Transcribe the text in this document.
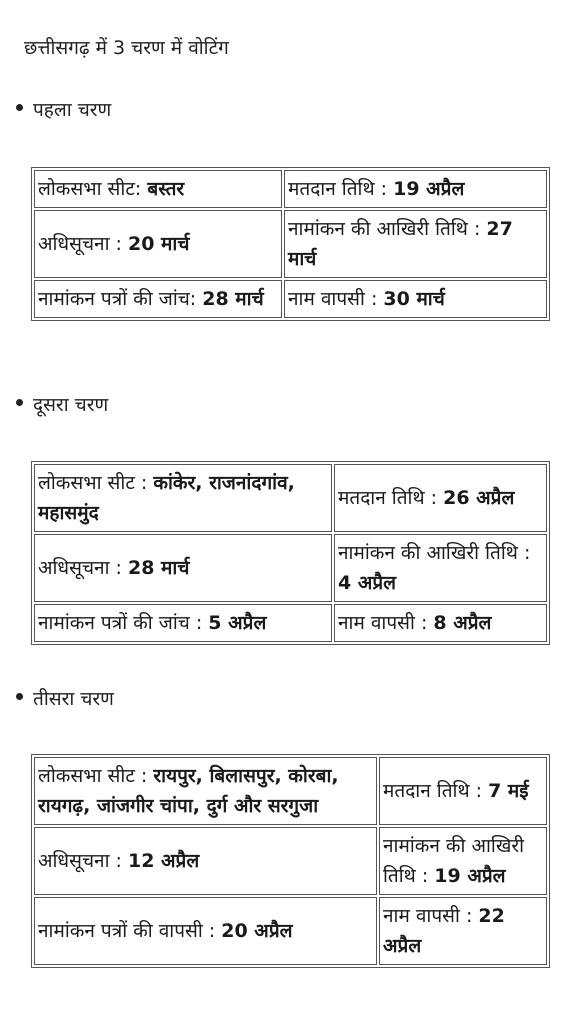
छत्तीसगढ़ में 3 चरण में वोटिंग
पहला चरण
लोकसभा सीट: बस्तर	मतदान तिथि : 19 अप्रैल
अधिसूचना : 20 मार्च	नामांकन की आखिरी तिथि : 27 मार्च
नामांकन पत्रों की जांच: 28 मार्च	नाम वापसी : 30 मार्च
दूसरा चरण
लोकसभा सीट : कांकेर, राजनांदगांव, महासमुंद	मतदान तिथि : 26 अप्रैल
अधिसूचना : 28 मार्च	नामांकन की आखिरी तिथि : 4 अप्रैल
नामांकन पत्रों की जांच : 5 अप्रैल	नाम वापसी : 8 अप्रैल
तीसरा चरण
लोकसभा सीट : रायपुर, बिलासपुर, कोरबा, रायगढ़, जांजगीर चांपा, दुर्ग और सरगुजा	मतदान तिथि : 7 मई
अधिसूचना : 12 अप्रैल	नामांकन की आखिरी तिथि : 19 अप्रैल
नामांकन पत्रों की वापसी : 20 अप्रैल	नाम वापसी : 22 अप्रैल
